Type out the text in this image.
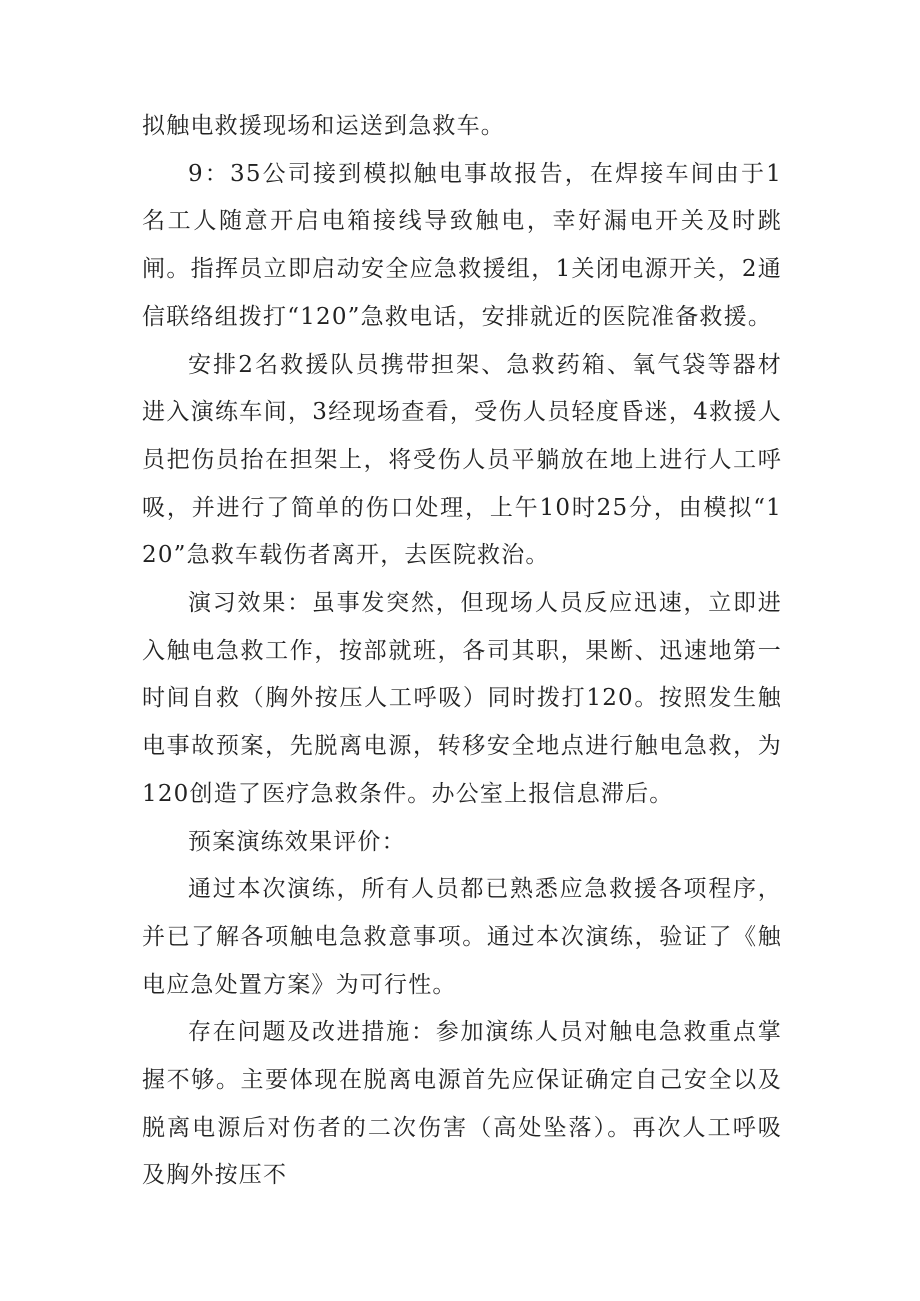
拟触电救援现场和运送到急救车。

9：35公司接到模拟触电事故报告，在焊接车间由于1名工人随意开启电箱接线导致触电，幸好漏电开关及时跳闸。指挥员立即启动安全应急救援组，1关闭电源开关，2通信联络组拨打“120”急救电话，安排就近的医院准备救援。

安排2名救援队员携带担架、急救药箱、氧气袋等器材进入演练车间，3经现场查看，受伤人员轻度昏迷，4救援人员把伤员抬在担架上，将受伤人员平躺放在地上进行人工呼吸，并进行了简单的伤口处理，上午10时25分，由模拟“120”急救车载伤者离开，去医院救治。

演习效果：虽事发突然，但现场人员反应迅速，立即进入触电急救工作，按部就班，各司其职，果断、迅速地第一时间自救（胸外按压人工呼吸）同时拨打120。按照发生触电事故预案，先脱离电源，转移安全地点进行触电急救，为120创造了医疗急救条件。办公室上报信息滞后。

预案演练效果评价：

通过本次演练，所有人员都已熟悉应急救援各项程序，并已了解各项触电急救意事项。通过本次演练，验证了《触电应急处置方案》为可行性。

存在问题及改进措施：参加演练人员对触电急救重点掌握不够。主要体现在脱离电源首先应保证确定自己安全以及脱离电源后对伤者的二次伤害（高处坠落）。再次人工呼吸及胸外按压不
